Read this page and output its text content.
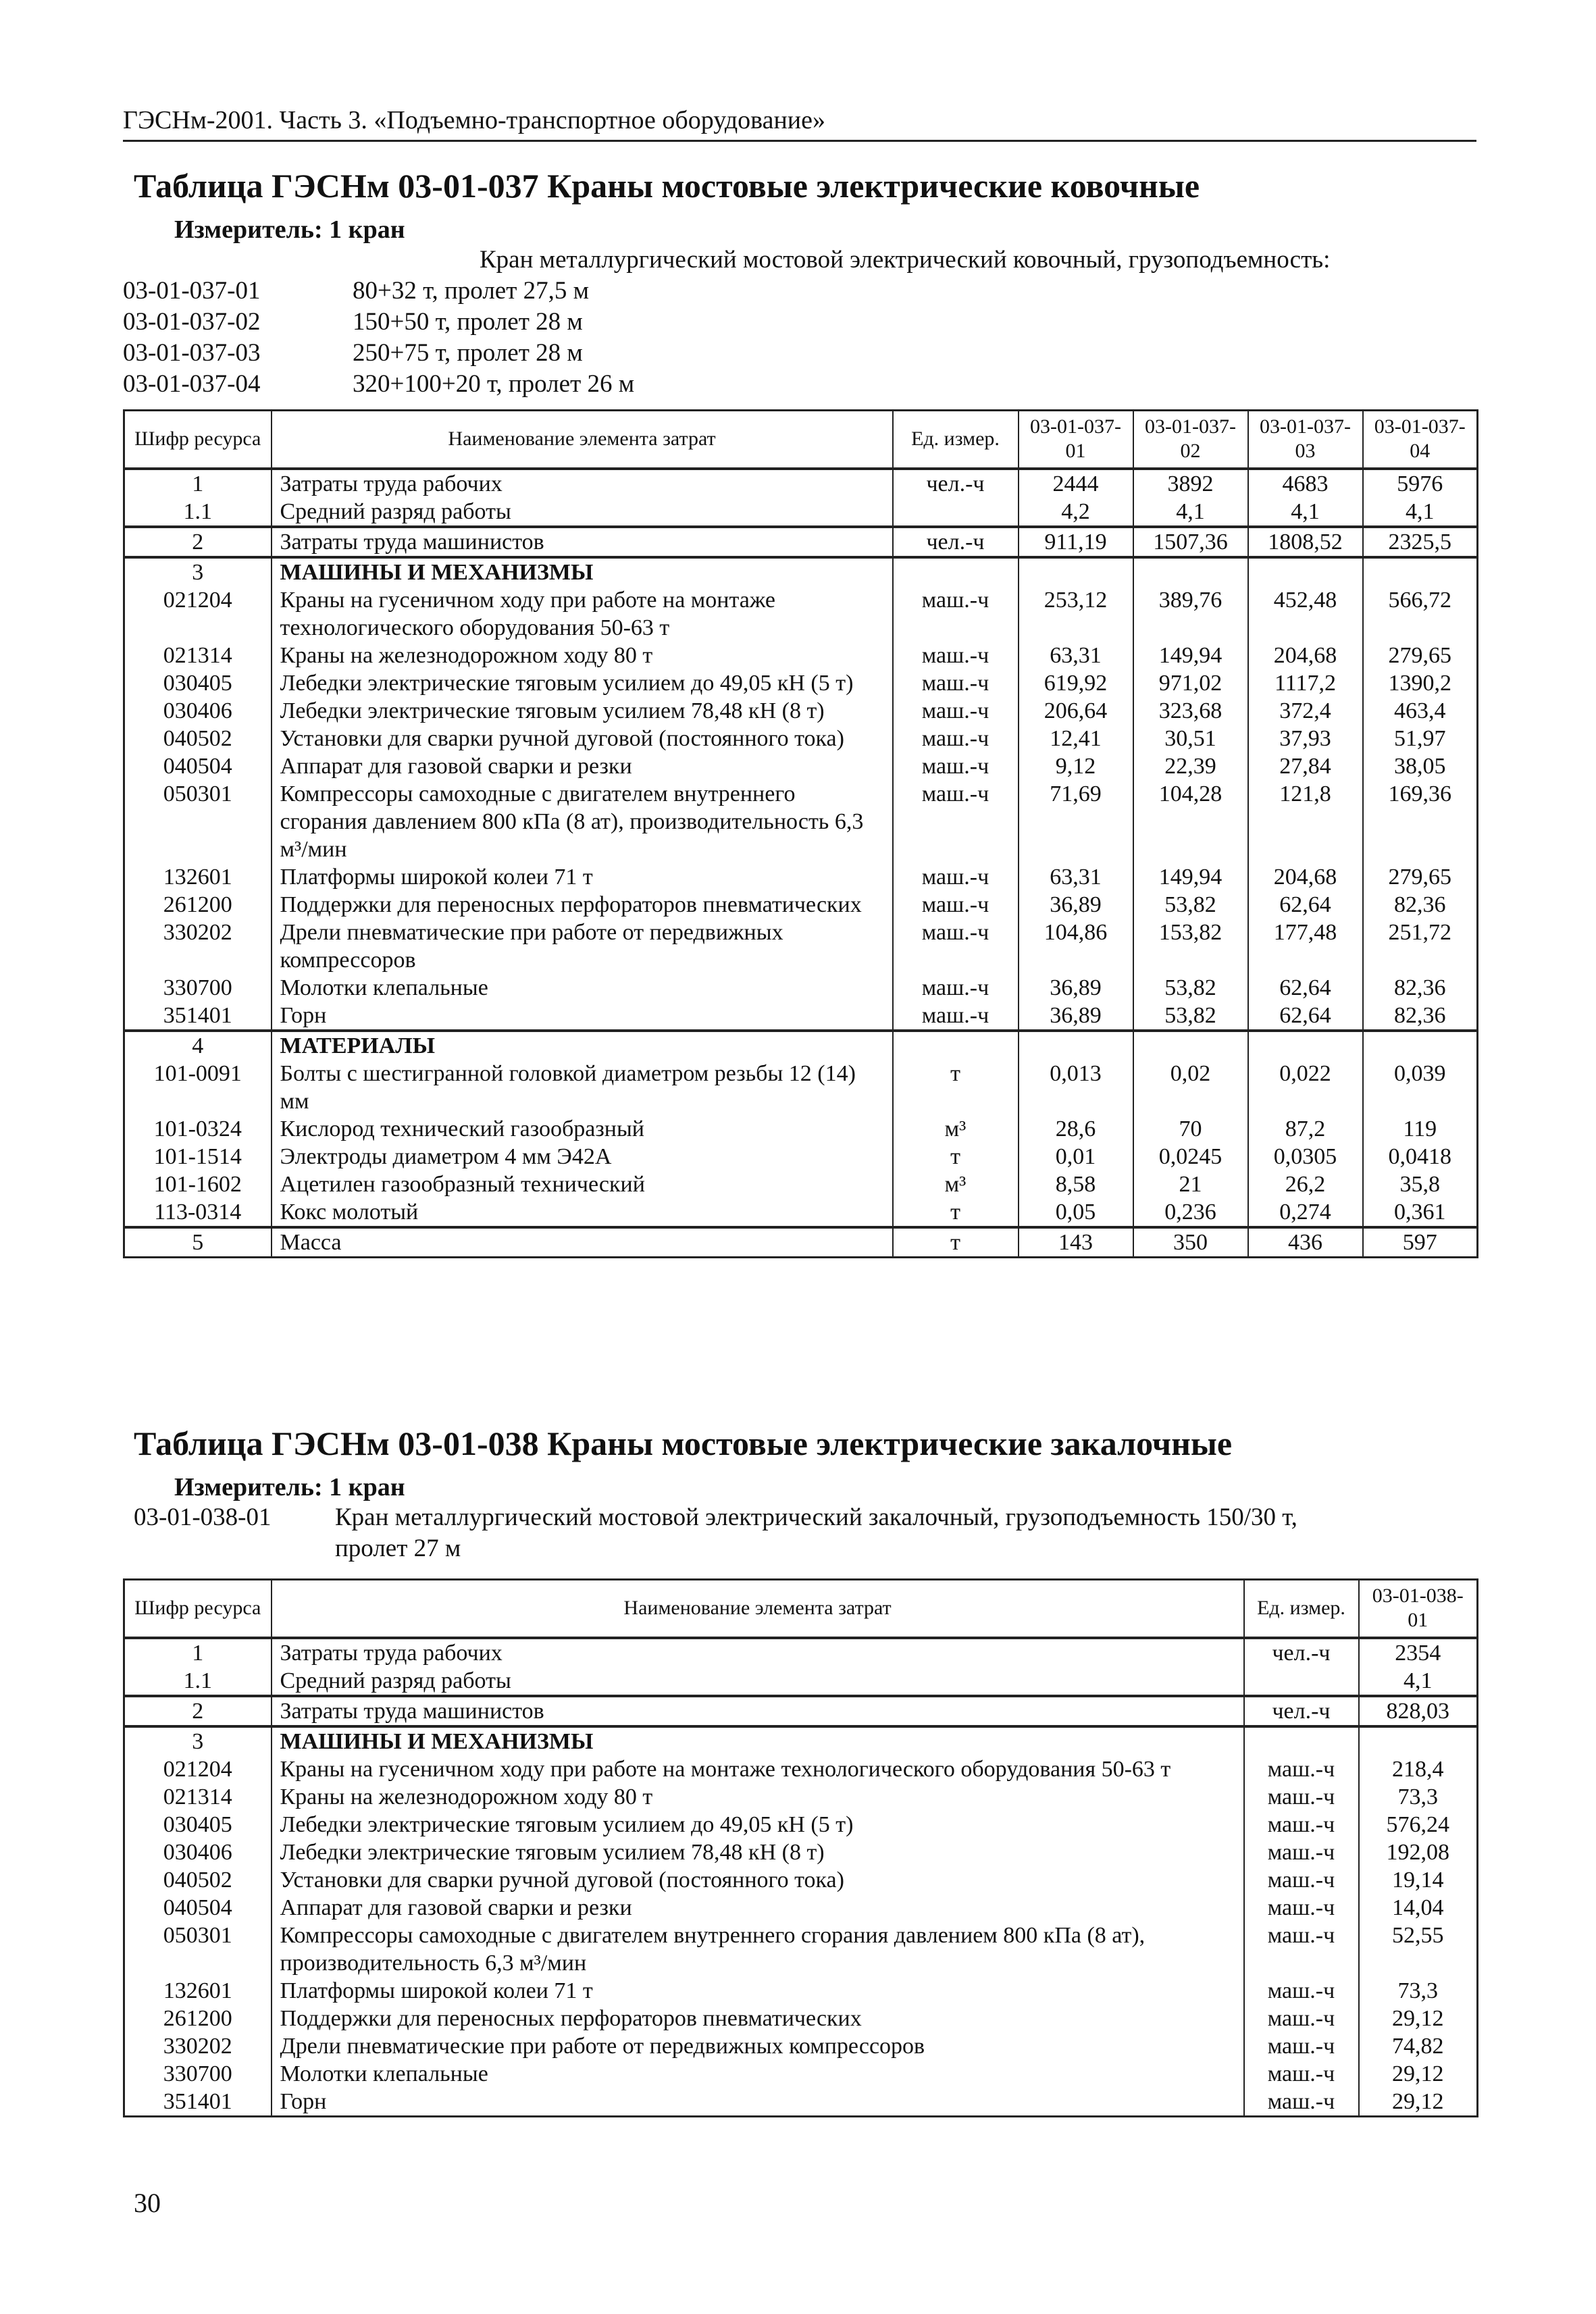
ГЭСНм-2001. Часть 3. «Подъемно-транспортное оборудование»
Таблица ГЭСНм 03-01-037 Краны мостовые электрические ковочные
Измеритель: 1 кран
Кран металлургический мостовой электрический ковочный, грузоподъемность:
03-01-037-01	80+32 т, пролет 27,5 м
03-01-037-02	150+50 т, пролет 28 м
03-01-037-03	250+75 т, пролет 28 м
03-01-037-04	320+100+20 т, пролет 26 м
Шифр ресурса	Наименование элемента затрат	Ед. измер.	03-01-037-01	03-01-037-02	03-01-037-03	03-01-037-04
1	Затраты труда рабочих	чел.-ч	2444	3892	4683	5976
1.1	Средний разряд работы		4,2	4,1	4,1	4,1
2	Затраты труда машинистов	чел.-ч	911,19	1507,36	1808,52	2325,5
3	МАШИНЫ И МЕХАНИЗМЫ					
021204	Краны на гусеничном ходу при работе на монтаже технологического оборудования 50-63 т	маш.-ч	253,12	389,76	452,48	566,72
021314	Краны на железнодорожном ходу 80 т	маш.-ч	63,31	149,94	204,68	279,65
030405	Лебедки электрические тяговым усилием до 49,05 кН (5 т)	маш.-ч	619,92	971,02	1117,2	1390,2
030406	Лебедки электрические тяговым усилием 78,48 кН (8 т)	маш.-ч	206,64	323,68	372,4	463,4
040502	Установки для сварки ручной дуговой (постоянного тока)	маш.-ч	12,41	30,51	37,93	51,97
040504	Аппарат для газовой сварки и резки	маш.-ч	9,12	22,39	27,84	38,05
050301	Компрессоры самоходные с двигателем внутреннего сгорания давлением 800 кПа (8 ат), производительность 6,3 м³/мин	маш.-ч	71,69	104,28	121,8	169,36
132601	Платформы широкой колеи 71 т	маш.-ч	63,31	149,94	204,68	279,65
261200	Поддержки для переносных перфораторов пневматических	маш.-ч	36,89	53,82	62,64	82,36
330202	Дрели пневматические при работе от передвижных компрессоров	маш.-ч	104,86	153,82	177,48	251,72
330700	Молотки клепальные	маш.-ч	36,89	53,82	62,64	82,36
351401	Горн	маш.-ч	36,89	53,82	62,64	82,36
4	МАТЕРИАЛЫ					
101-0091	Болты с шестигранной головкой диаметром резьбы 12 (14) мм	т	0,013	0,02	0,022	0,039
101-0324	Кислород технический газообразный	м³	28,6	70	87,2	119
101-1514	Электроды диаметром 4 мм Э42А	т	0,01	0,0245	0,0305	0,0418
101-1602	Ацетилен газообразный технический	м³	8,58	21	26,2	35,8
113-0314	Кокс молотый	т	0,05	0,236	0,274	0,361
5	Масса	т	143	350	436	597
Таблица ГЭСНм 03-01-038 Краны мостовые электрические закалочные
Измеритель: 1 кран
03-01-038-01	Кран металлургический мостовой электрический закалочный, грузоподъемность 150/30 т,
пролет 27 м
Шифр ресурса	Наименование элемента затрат	Ед. измер.	03-01-038-01
1	Затраты труда рабочих	чел.-ч	2354
1.1	Средний разряд работы		4,1
2	Затраты труда машинистов	чел.-ч	828,03
3	МАШИНЫ И МЕХАНИЗМЫ		
021204	Краны на гусеничном ходу при работе на монтаже технологического оборудования 50-63 т	маш.-ч	218,4
021314	Краны на железнодорожном ходу 80 т	маш.-ч	73,3
030405	Лебедки электрические тяговым усилием до 49,05 кН (5 т)	маш.-ч	576,24
030406	Лебедки электрические тяговым усилием 78,48 кН (8 т)	маш.-ч	192,08
040502	Установки для сварки ручной дуговой (постоянного тока)	маш.-ч	19,14
040504	Аппарат для газовой сварки и резки	маш.-ч	14,04
050301	Компрессоры самоходные с двигателем внутреннего сгорания давлением 800 кПа (8 ат), производительность 6,3 м³/мин	маш.-ч	52,55
132601	Платформы широкой колеи 71 т	маш.-ч	73,3
261200	Поддержки для переносных перфораторов пневматических	маш.-ч	29,12
330202	Дрели пневматические при работе от передвижных компрессоров	маш.-ч	74,82
330700	Молотки клепальные	маш.-ч	29,12
351401	Горн	маш.-ч	29,12
30
